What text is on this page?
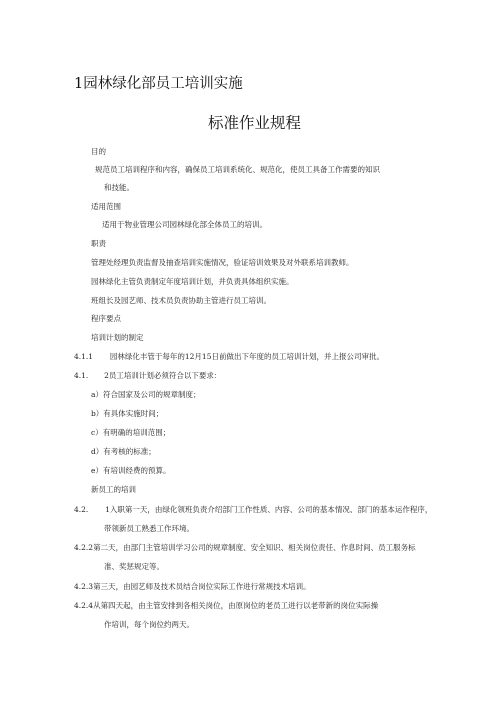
1园林绿化部员工培训实施
标准作业规程
目的
规范员工培训程序和内容，确保员工培训系统化、规范化，使员工具备工作需要的知识
和技能。
适用范围
适用于物业管理公司园林绿化部全体员工的培训。
职责
管理处经理负责监督及抽查培训实施情况，验证培训效果及对外联系培训教师。
园林绿化主管负责制定年度培训计划，并负责具体组织实施。
班组长及园艺师、技术员负责协助主管进行员工培训。
程序要点
培训计划的制定
4.1.1 园林绿化丰管于每年的12月15日前做出下年度的员工培训计划，并上报公司审批。
4.1. 2员工培训计划必须符合以下要求：
a）符合国家及公司的规章制度；
b）有具体实施时间；
c）有明确的培训范围；
d）有考核的标准；
e）有培训经费的预算。
新员工的培训
4.2. 1入职第一天，由绿化领班负责介绍部门工作性质、内容、公司的基本情况、部门的基本运作程序，
带领新员工熟悉工作环境。
4.2.2第二天，由部门主管培训学习公司的规章制度、安全知识、相关岗位责任、作息时间、员工服务标
准、奖惩规定等。
4.2.3第三天，由园艺师及技术员结合岗位实际工作进行常规技术培训。
4.2.4从第四天起，由主管安排到各相关岗位，由原岗位的老员工进行以老带新的岗位实际操
作培训，每个岗位约两天。
